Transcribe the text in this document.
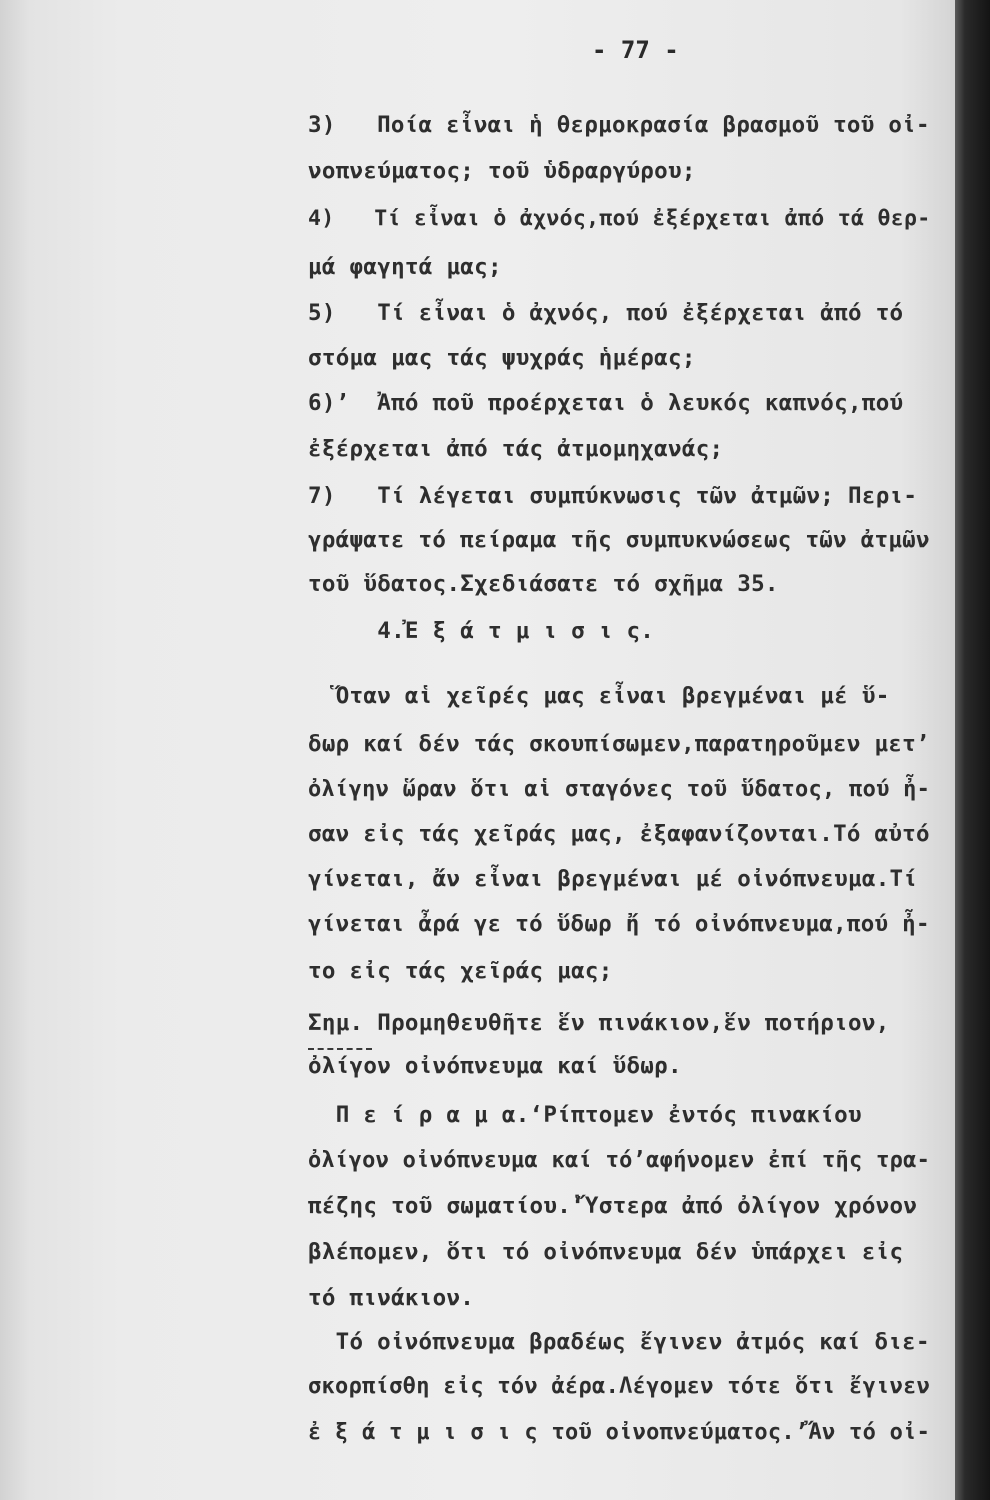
- 77 -
3)   Ποία εἶναι ἡ θερμοκρασία βρασμοῦ τοῦ οἰ-
νοπνεύματος; τοῦ ὑδραργύρου;
4)   Τί εἶναι ὁ ἀχνός,πού ἐξέρχεται ἀπό τά θερ-
μά φαγητά μας;
5)   Τί εἶναι ὁ ἀχνός, πού ἐξέρχεται ἀπό τό
στόμα μας τάς ψυχράς ἡμέρας;
6)’  Ἀπό ποῦ προέρχεται ὁ λευκός καπνός,πού
ἐξέρχεται ἀπό τάς ἀτμομηχανάς;
7)   Τί λέγεται συμπύκνωσις τῶν ἀτμῶν; Περι-
γράψατε τό πείραμα τῆς συμπυκνώσεως τῶν ἀτμῶν
τοῦ ὕδατος.Σχεδιάσατε τό σχῆμα 35.
4.Ἐ ξ ά τ μ ι σ ι ς.
Ὅταν αἱ χεῖρές μας εἶναι βρεγμέναι μέ ὕ-
δωρ καί δέν τάς σκουπίσωμεν,παρατηροῦμεν μετ’
ὀλίγην ὥραν ὅτι αἱ σταγόνες τοῦ ὕδατος, πού ἦ-
σαν εἰς τάς χεῖράς μας, ἐξαφανίζονται.Τό αὐτό
γίνεται, ἄν εἶναι βρεγμέναι μέ οἰνόπνευμα.Τί
γίνεται ἆρά γε τό ὕδωρ ἤ τό οἰνόπνευμα,πού ἦ-
το εἰς τάς χεῖράς μας;
Σημ. Προμηθευθῆτε ἕν πινάκιον,ἕν ποτήριον,
ὀλίγον οἰνόπνευμα καί ὕδωρ.
Π ε ί ρ α μ α.‘Ρίπτομεν ἐντός πινακίου
ὀλίγον οἰνόπνευμα καί τό’αφήνομεν ἐπί τῆς τρα-
πέζης τοῦ σωματίου.‘Ὕστερα ἀπό ὀλίγον χρόνον
βλέπομεν, ὅτι τό οἰνόπνευμα δέν ὑπάρχει εἰς
τό πινάκιον.
Τό οἰνόπνευμα βραδέως ἔγινεν ἀτμός καί διε-
σκορπίσθη εἰς τόν ἀέρα.Λέγομεν τότε ὅτι ἔγινεν
ἐ ξ ά τ μ ι σ ι ς τοῦ οἰνοπνεύματος.’Ἄν τό οἰ-
